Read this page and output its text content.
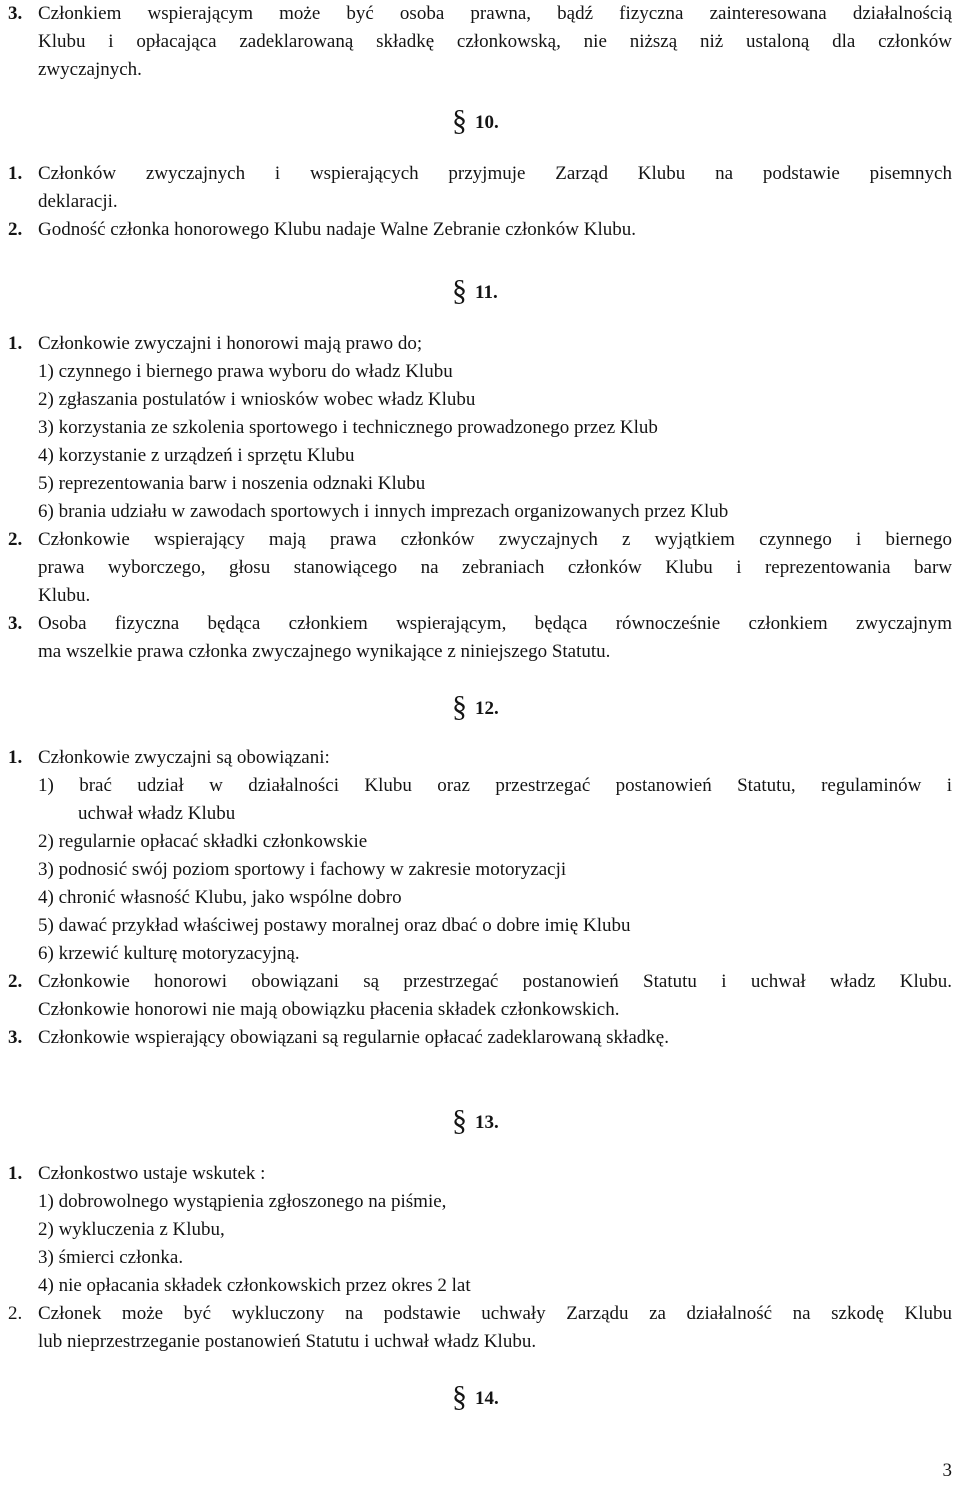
3. Członkiem wspierającym może być osoba prawna, bądź fizyczna zainteresowana działalnością
Klubu i opłacająca zadeklarowaną składkę członkowską, nie niższą niż ustaloną dla członków
zwyczajnych.
§ 10.
1. Członków zwyczajnych i wspierających przyjmuje Zarząd Klubu na podstawie pisemnych
deklaracji.
2. Godność członka honorowego Klubu nadaje Walne Zebranie członków Klubu.
§ 11.
1. Członkowie zwyczajni i honorowi mają prawo do;
1) czynnego i biernego prawa wyboru do władz Klubu
2) zgłaszania postulatów i wniosków wobec władz Klubu
3) korzystania ze szkolenia sportowego i technicznego prowadzonego przez Klub
4) korzystanie z urządzeń i sprzętu Klubu
5) reprezentowania barw i noszenia odznaki Klubu
6) brania udziału w zawodach sportowych i innych imprezach organizowanych przez Klub
2. Członkowie wspierający mają prawa członków zwyczajnych z wyjątkiem czynnego i biernego
prawa wyborczego, głosu stanowiącego na zebraniach członków Klubu i reprezentowania barw
Klubu.
3. Osoba fizyczna będąca członkiem wspierającym, będąca równocześnie członkiem zwyczajnym
ma wszelkie prawa członka zwyczajnego wynikające z niniejszego Statutu.
§ 12.
1. Członkowie zwyczajni są obowiązani:
1) brać udział w działalności Klubu oraz przestrzegać postanowień Statutu, regulaminów i
uchwał władz Klubu
2) regularnie opłacać składki członkowskie
3) podnosić swój poziom sportowy i fachowy w zakresie motoryzacji
4) chronić własność Klubu, jako wspólne dobro
5) dawać przykład właściwej postawy moralnej oraz dbać o dobre imię Klubu
6) krzewić kulturę motoryzacyjną.
2. Członkowie honorowi obowiązani są przestrzegać postanowień Statutu i uchwał władz Klubu.
Członkowie honorowi nie mają obowiązku płacenia składek członkowskich.
3. Członkowie wspierający obowiązani są regularnie opłacać zadeklarowaną składkę.
§ 13.
1. Członkostwo ustaje wskutek :
1) dobrowolnego wystąpienia zgłoszonego na piśmie,
2) wykluczenia z Klubu,
3) śmierci członka.
4) nie opłacania składek członkowskich przez okres 2 lat
2. Członek może być wykluczony na podstawie uchwały Zarządu za działalność na szkodę Klubu
lub nieprzestrzeganie postanowień Statutu i uchwał władz Klubu.
§ 14.
3
